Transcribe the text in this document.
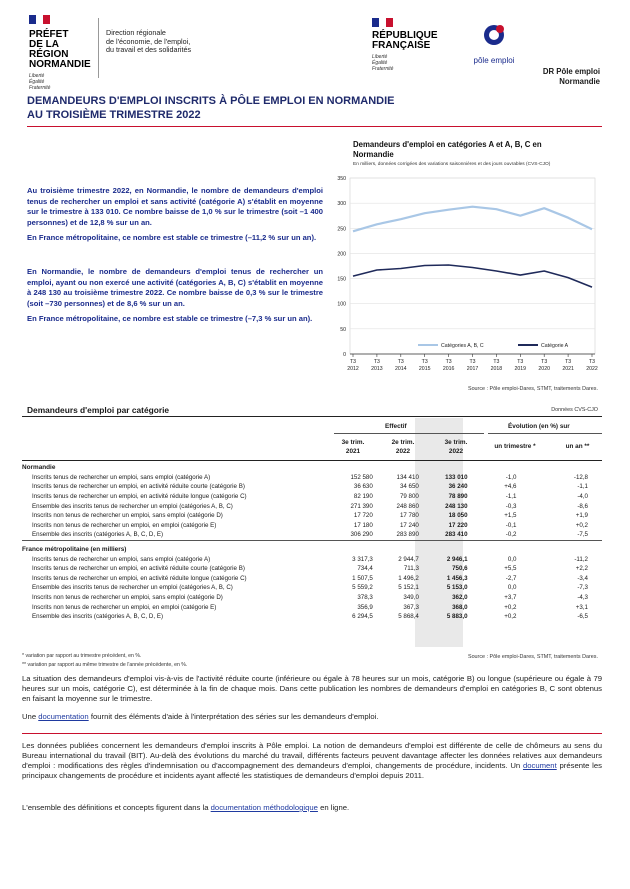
PRÉFET
DE LA RÉGION
NORMANDIE
Liberté
Égalité
Fraternité
Direction régionale
de l'économie, de l'emploi,
du travail et des solidarités
RÉPUBLIQUE
FRANÇAISE
Liberté
Égalité
Fraternité
pôle emploi
DR Pôle emploi
Normandie
DEMANDEURS D'EMPLOI INSCRITS À PÔLE EMPLOI EN NORMANDIE
AU TROISIÈME TRIMESTRE 2022

Au troisième trimestre 2022, en Normandie, le nombre de demandeurs d'emploi tenus de rechercher un emploi et sans activité (catégorie A) s'établit en moyenne sur le trimestre à 133 010. Ce nombre baisse de 1,0 % sur le trimestre (soit –1 400 personnes) et de 12,8 % sur un an.

En France métropolitaine, ce nombre est stable ce trimestre (–11,2 % sur un an).

En Normandie, le nombre de demandeurs d'emploi tenus de rechercher un emploi, ayant ou non exercé une activité (catégories A, B, C) s'établit en moyenne à 248 130 au troisième trimestre 2022. Ce nombre baisse de 0,3 % sur le trimestre (soit –730 personnes) et de 8,6 % sur un an.

En France métropolitaine, ce nombre est stable ce trimestre (–7,3 % sur un an).

Demandeurs d'emploi en catégories A et A, B, C en Normandie
En milliers, données corrigées des variations saisonnières et des jours ouvrables (CVS-CJO)
0
50
100
150
200
250
300
350
T3
2012
T3
2013
T3
2014
T3
2015
T3
2016
T3
2017
T3
2018
T3
2019
T3
2020
T3
2021
T3
2022
Catégories A, B, C	Catégorie A
Source : Pôle emploi-Dares, STMT, traitements Dares.
Demandeurs d'emploi par catégorie	Données CVS-CJO
Effectif	Évolution (en %) sur
3e trim. 2021
2e trim. 2022
3e trim. 2022
un trimestre *	un an **
Normandie					
Inscrits tenus de rechercher un emploi, sans emploi (catégorie A)	152 580	134 410	133 010	-1,0	-12,8
Inscrits tenus de rechercher un emploi, en activité réduite courte (catégorie B)	36 630	34 650	36 240	+4,6	-1,1
Inscrits tenus de rechercher un emploi, en activité réduite longue (catégorie C)	82 190	79 800	78 890	-1,1	-4,0
Ensemble des inscrits tenus de rechercher un emploi (catégories A, B, C)	271 390	248 860	248 130	-0,3	-8,6
Inscrits non tenus de rechercher un emploi, sans emploi (catégorie D)	17 720	17 780	18 050	+1,5	+1,9
Inscrits non tenus de rechercher un emploi, en emploi (catégorie E)	17 180	17 240	17 220	-0,1	+0,2
Ensemble des inscrits (catégories A, B, C, D, E)	306 290	283 890	283 410	-0,2	-7,5
France métropolitaine (en milliers)					
Inscrits tenus de rechercher un emploi, sans emploi (catégorie A)	3 317,3	2 944,7	2 946,1	0,0	-11,2
Inscrits tenus de rechercher un emploi, en activité réduite courte (catégorie B)	734,4	711,3	750,6	+5,5	+2,2
Inscrits tenus de rechercher un emploi, en activité réduite longue (catégorie C)	1 507,5	1 496,2	1 456,3	-2,7	-3,4
Ensemble des inscrits tenus de rechercher un emploi (catégories A, B, C)	5 559,2	5 152,1	5 153,0	0,0	-7,3
Inscrits non tenus de rechercher un emploi, sans emploi (catégorie D)	378,3	349,0	362,0	+3,7	-4,3
Inscrits non tenus de rechercher un emploi, en emploi (catégorie E)	356,9	367,3	368,0	+0,2	+3,1
Ensemble des inscrits (catégories A, B, C, D, E)	6 294,5	5 868,4	5 883,0	+0,2	-6,5
* variation par rapport au trimestre précédent, en %.
** variation par rapport au même trimestre de l'année précédente, en %.
Source : Pôle emploi-Dares, STMT, traitements Dares.

La situation des demandeurs d'emploi vis-à-vis de l'activité réduite courte (inférieure ou égale à 78 heures sur un mois, catégorie B) ou longue (supérieure ou égale à 79 heures sur un mois, catégorie C), est déterminée à la fin de chaque mois. Dans cette publication les nombres de demandeurs d'emploi en catégories B, C sont obtenus en faisant la moyenne sur le trimestre.

Une documentation fournit des éléments d'aide à l'interprétation des séries sur les demandeurs d'emploi.

Les données publiées concernent les demandeurs d'emploi inscrits à Pôle emploi. La notion de demandeurs d'emploi est différente de celle de chômeurs au sens du Bureau international du travail (BIT). Au-delà des évolutions du marché du travail, différents facteurs peuvent davantage affecter les données relatives aux demandeurs d'emploi : modifications des règles d'indemnisation ou d'accompagnement des demandeurs d'emploi, changements de procédure, incidents. Un document présente les principaux changements de procédure et incidents ayant affecté les statistiques de demandeurs d'emploi depuis 2011.

L'ensemble des définitions et concepts figurent dans la documentation méthodologique en ligne.
